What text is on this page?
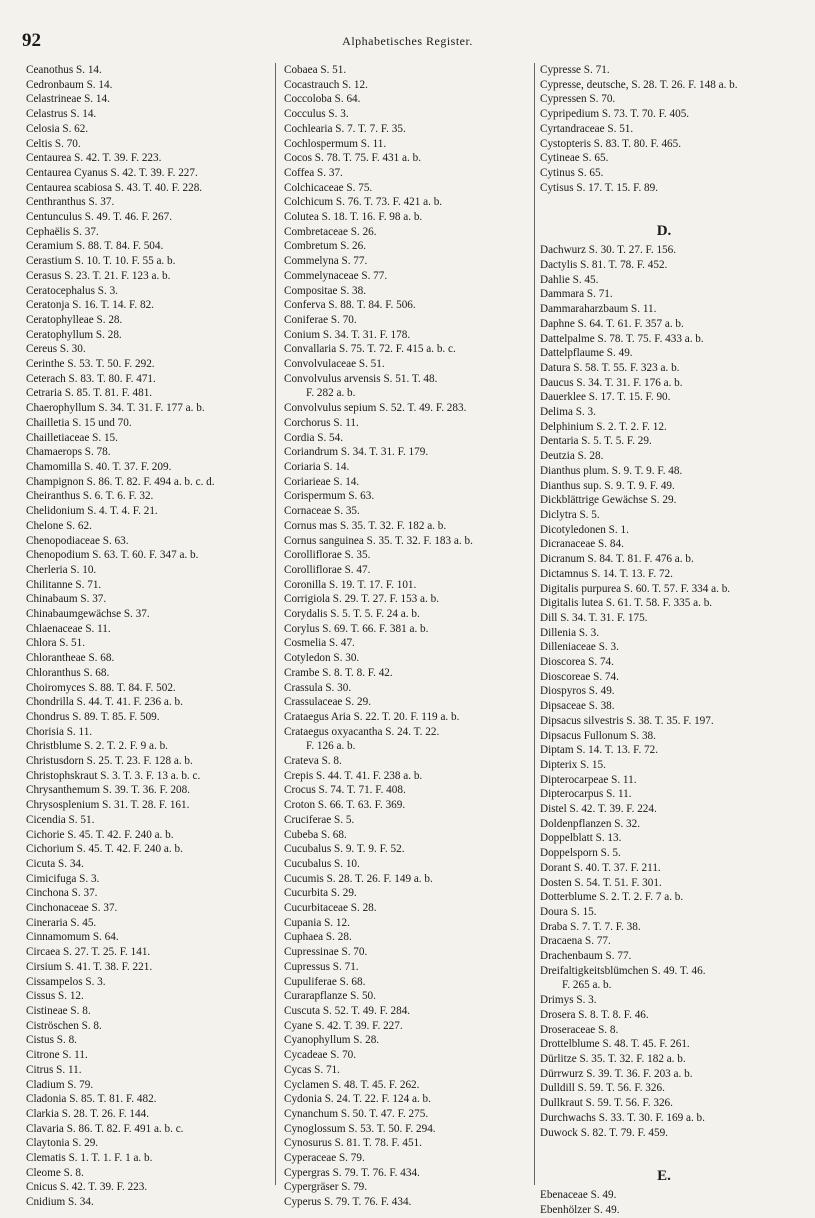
92	Alphabetisches Register.
Ceanothus S. 14.
Cedronbaum S. 14.
Celastrineae S. 14.
Celastrus S. 14.
Celosia S. 62.
Celtis S. 70.
Centaurea S. 42. T. 39. F. 223.
Centaurea Cyanus S. 42. T. 39. F. 227.
Centaurea scabiosa S. 43. T. 40. F. 228.
Centhranthus S. 37.
Centunculus S. 49. T. 46. F. 267.
Cephaëlis S. 37.
Ceramium S. 88. T. 84. F. 504.
Cerastium S. 10. T. 10. F. 55 a. b.
Cerasus S. 23. T. 21. F. 123 a. b.
Ceratocephalus S. 3.
Ceratonja S. 16. T. 14. F. 82.
Ceratophylleae S. 28.
Ceratophyllum S. 28.
Cereus S. 30.
Cerinthe S. 53. T. 50. F. 292.
Ceterach S. 83. T. 80. F. 471.
Cetraria S. 85. T. 81. F. 481.
Chaerophyllum S. 34. T. 31. F. 177 a. b.
Chailletia S. 15 und 70.
Chailletiaceae S. 15.
Chamaerops S. 78.
Chamomilla S. 40. T. 37. F. 209.
Champignon S. 86. T. 82. F. 494 a. b. c. d.
Cheiranthus S. 6. T. 6. F. 32.
Chelidonium S. 4. T. 4. F. 21.
Chelone S. 62.
Chenopodiaceae S. 63.
Chenopodium S. 63. T. 60. F. 347 a. b.
Cherleria S. 10.
Chilitanne S. 71.
Chinabaum S. 37.
Chinabaumgewächse S. 37.
Chlaenaceae S. 11.
Chlora S. 51.
Chlorantheae S. 68.
Chloranthus S. 68.
Choiromyces S. 88. T. 84. F. 502.
Chondrilla S. 44. T. 41. F. 236 a. b.
Chondrus S. 89. T. 85. F. 509.
Chorisia S. 11.
Christblume S. 2. T. 2. F. 9 a. b.
Christusdorn S. 25. T. 23. F. 128 a. b.
Christophskraut S. 3. T. 3. F. 13 a. b. c.
Chrysanthemum S. 39. T. 36. F. 208.
Chrysosplenium S. 31. T. 28. F. 161.
Cicendia S. 51.
Cichorie S. 45. T. 42. F. 240 a. b.
Cichorium S. 45. T. 42. F. 240 a. b.
Cicuta S. 34.
Cimicifuga S. 3.
Cinchona S. 37.
Cinchonaceae S. 37.
Cineraria S. 45.
Cinnamomum S. 64.
Circaea S. 27. T. 25. F. 141.
Cirsium S. 41. T. 38. F. 221.
Cissampelos S. 3.
Cissus S. 12.
Cistineae S. 8.
Ciströschen S. 8.
Cistus S. 8.
Citrone S. 11.
Citrus S. 11.
Cladium S. 79.
Cladonia S. 85. T. 81. F. 482.
Clarkia S. 28. T. 26. F. 144.
Clavaria S. 86. T. 82. F. 491 a. b. c.
Claytonia S. 29.
Clematis S. 1. T. 1. F. 1 a. b.
Cleome S. 8.
Cnicus S. 42. T. 39. F. 223.
Cnidium S. 34.
Cobaea S. 51.
Cocastrauch S. 12.
Coccoloba S. 64.
Cocculus S. 3.
Cochlearia S. 7. T. 7. F. 35.
Cochlospermum S. 11.
Cocos S. 78. T. 75. F. 431 a. b.
Coffea S. 37.
Colchicaceae S. 75.
Colchicum S. 76. T. 73. F. 421 a. b.
Colutea S. 18. T. 16. F. 98 a. b.
Combretaceae S. 26.
Combretum S. 26.
Commelyna S. 77.
Commelynaceae S. 77.
Compositae S. 38.
Conferva S. 88. T. 84. F. 506.
Coniferae S. 70.
Conium S. 34. T. 31. F. 178.
Convallaria S. 75. T. 72. F. 415 a. b. c.
Convolvulaceae S. 51.
Convolvulus arvensis S. 51. T. 48.
F. 282 a. b.
Convolvulus sepium S. 52. T. 49. F. 283.
Corchorus S. 11.
Cordia S. 54.
Coriandrum S. 34. T. 31. F. 179.
Coriaria S. 14.
Coriarieae S. 14.
Corispermum S. 63.
Cornaceae S. 35.
Cornus mas S. 35. T. 32. F. 182 a. b.
Cornus sanguinea S. 35. T. 32. F. 183 a. b.
Corolliflorae S. 35.
Corolliflorae S. 47.
Coronilla S. 19. T. 17. F. 101.
Corrigiola S. 29. T. 27. F. 153 a. b.
Corydalis S. 5. T. 5. F. 24 a. b.
Corylus S. 69. T. 66. F. 381 a. b.
Cosmelia S. 47.
Cotyledon S. 30.
Crambe S. 8. T. 8. F. 42.
Crassula S. 30.
Crassulaceae S. 29.
Crataegus Aria S. 22. T. 20. F. 119 a. b.
Crataegus oxyacantha S. 24. T. 22.
F. 126 a. b.
Crateva S. 8.
Crepis S. 44. T. 41. F. 238 a. b.
Crocus S. 74. T. 71. F. 408.
Croton S. 66. T. 63. F. 369.
Cruciferae S. 5.
Cubeba S. 68.
Cucubalus S. 9. T. 9. F. 52.
Cucubalus S. 10.
Cucumis S. 28. T. 26. F. 149 a. b.
Cucurbita S. 29.
Cucurbitaceae S. 28.
Cupania S. 12.
Cuphaea S. 28.
Cupressinae S. 70.
Cupressus S. 71.
Cupuliferae S. 68.
Curarapflanze S. 50.
Cuscuta S. 52. T. 49. F. 284.
Cyane S. 42. T. 39. F. 227.
Cyanophyllum S. 28.
Cycadeae S. 70.
Cycas S. 71.
Cyclamen S. 48. T. 45. F. 262.
Cydonia S. 24. T. 22. F. 124 a. b.
Cynanchum S. 50. T. 47. F. 275.
Cynoglossum S. 53. T. 50. F. 294.
Cynosurus S. 81. T. 78. F. 451.
Cyperaceae S. 79.
Cypergras S. 79. T. 76. F. 434.
Cypergräser S. 79.
Cyperus S. 79. T. 76. F. 434.
Cypresse S. 71.
Cypresse, deutsche, S. 28. T. 26. F. 148 a. b.
Cypressen S. 70.
Cypripedium S. 73. T. 70. F. 405.
Cyrtandraceae S. 51.
Cystopteris S. 83. T. 80. F. 465.
Cytineae S. 65.
Cytinus S. 65.
Cytisus S. 17. T. 15. F. 89.
D.
Dachwurz S. 30. T. 27. F. 156.
Dactylis S. 81. T. 78. F. 452.
Dahlie S. 45.
Dammara S. 71.
Dammaraharzbaum S. 11.
Daphne S. 64. T. 61. F. 357 a. b.
Dattelpalme S. 78. T. 75. F. 433 a. b.
Dattelpflaume S. 49.
Datura S. 58. T. 55. F. 323 a. b.
Daucus S. 34. T. 31. F. 176 a. b.
Dauerklee S. 17. T. 15. F. 90.
Delima S. 3.
Delphinium S. 2. T. 2. F. 12.
Dentaria S. 5. T. 5. F. 29.
Deutzia S. 28.
Dianthus plum. S. 9. T. 9. F. 48.
Dianthus sup. S. 9. T. 9. F. 49.
Dickblättrige Gewächse S. 29.
Diclytra S. 5.
Dicotyledonen S. 1.
Dicranaceae S. 84.
Dicranum S. 84. T. 81. F. 476 a. b.
Dictamnus S. 14. T. 13. F. 72.
Digitalis purpurea S. 60. T. 57. F. 334 a. b.
Digitalis lutea S. 61. T. 58. F. 335 a. b.
Dill S. 34. T. 31. F. 175.
Dillenia S. 3.
Dilleniaceae S. 3.
Dioscorea S. 74.
Dioscoreae S. 74.
Diospyros S. 49.
Dipsaceae S. 38.
Dipsacus silvestris S. 38. T. 35. F. 197.
Dipsacus Fullonum S. 38.
Diptam S. 14. T. 13. F. 72.
Dipterix S. 15.
Dipterocarpeae S. 11.
Dipterocarpus S. 11.
Distel S. 42. T. 39. F. 224.
Doldenpflanzen S. 32.
Doppelblatt S. 13.
Doppelsporn S. 5.
Dorant S. 40. T. 37. F. 211.
Dosten S. 54. T. 51. F. 301.
Dotterblume S. 2. T. 2. F. 7 a. b.
Doura S. 15.
Draba S. 7. T. 7. F. 38.
Dracaena S. 77.
Drachenbaum S. 77.
Dreifaltigkeitsblümchen S. 49. T. 46.
F. 265 a. b.
Drimys S. 3.
Drosera S. 8. T. 8. F. 46.
Droseraceae S. 8.
Drottelblume S. 48. T. 45. F. 261.
Dürlitze S. 35. T. 32. F. 182 a. b.
Dürrwurz S. 39. T. 36. F. 203 a. b.
Dulldill S. 59. T. 56. F. 326.
Dullkraut S. 59. T. 56. F. 326.
Durchwachs S. 33. T. 30. F. 169 a. b.
Duwock S. 82. T. 79. F. 459.
E.
Ebenaceae S. 49.
Ebenhölzer S. 49.
